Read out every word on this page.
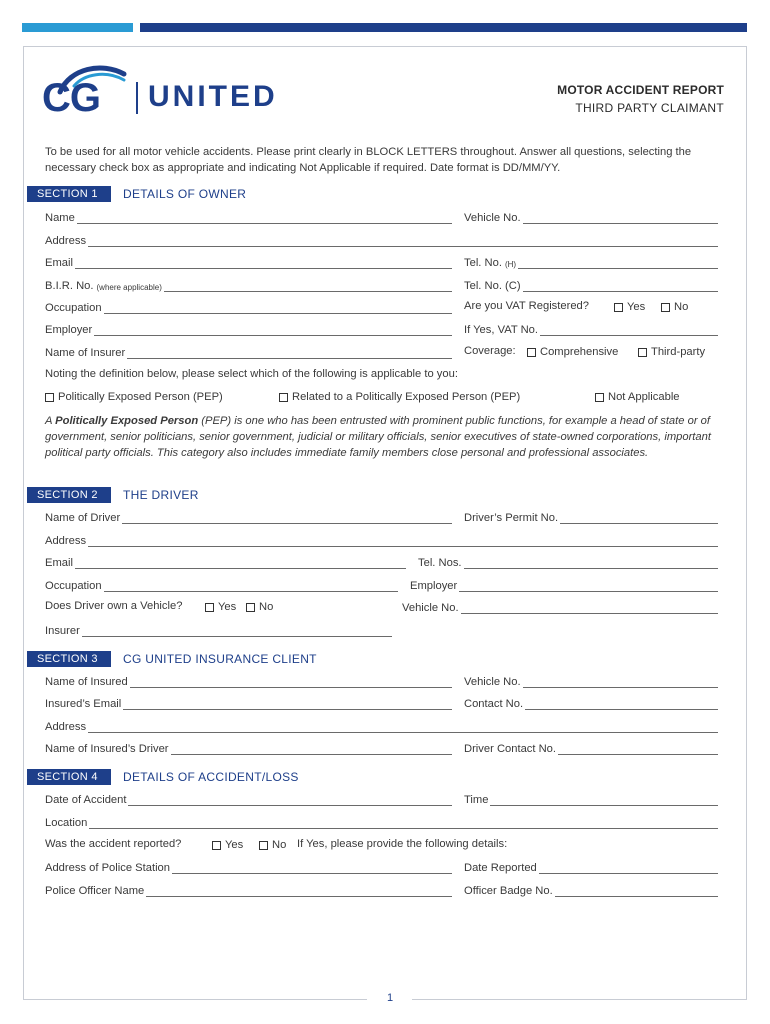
CG UNITED	MOTOR ACCIDENT REPORT
THIRD PARTY CLAIMANT
To be used for all motor vehicle accidents. Please print clearly in BLOCK LETTERS throughout. Answer all questions, selecting the necessary check box as appropriate and indicating Not Applicable if required. Date format is DD/MM/YY.
SECTION 1	DETAILS OF OWNER
Name	Vehicle No.
Address
Email	Tel. No. (H)
B.I.R. No. (where applicable)	Tel. No. (C)
Occupation	Are you VAT Registered?	Yes	No
Employer	If Yes, VAT No.
Name of Insurer	Coverage: Comprehensive	Third-party
Noting the definition below, please select which of the following is applicable to you:
Politically Exposed Person (PEP)	Related to a Politically Exposed Person (PEP)	Not Applicable
A Politically Exposed Person (PEP) is one who has been entrusted with prominent public functions, for example a head of state or of government, senior politicians, senior government, judicial or military officials, senior executives of state-owned corporations, important political party officials. This category also includes immediate family members close personal and professional associates.
SECTION 2	THE DRIVER
Name of Driver	Driver’s Permit No.
Address
Email	Tel. Nos.
Occupation	Employer
Does Driver own a Vehicle?	Yes No	Vehicle No.
Insurer
SECTION 3	CG UNITED INSURANCE CLIENT
Name of Insured	Vehicle No.
Insured’s Email	Contact No.
Address
Name of Insured’s Driver	Driver Contact No.
SECTION 4	DETAILS OF ACCIDENT/LOSS
Date of Accident	Time
Location
Was the accident reported?	Yes	No If Yes, please provide the following details:
Address of Police Station	Date Reported
Police Officer Name	Officer Badge No.
1
